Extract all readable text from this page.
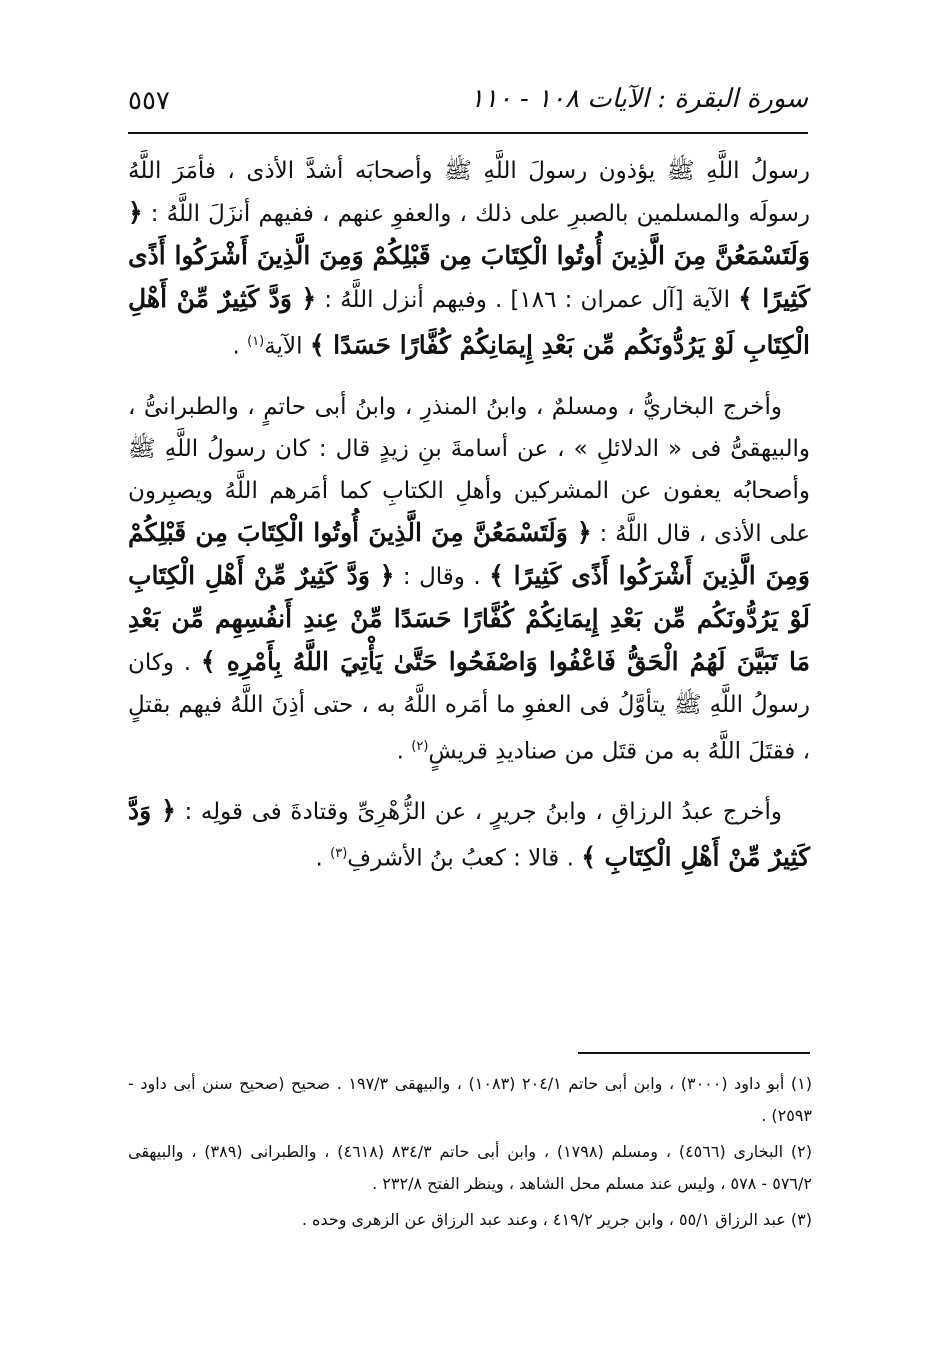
سورة البقرة : الآيات ١٠٨ - ١١٠
٥٥٧

رسولُ اللَّهِ ﷺ يؤذون رسولَ اللَّهِ ﷺ وأصحابَه أشدَّ الأذى ، فأمَرَ اللَّهُ رسولَه والمسلمين بالصبرِ على ذلك ، والعفوِ عنهم ، ففيهم أنزَلَ اللَّهُ : ﴿ وَلَتَسْمَعُنَّ مِنَ الَّذِينَ أُوتُوا الْكِتَابَ مِن قَبْلِكُمْ وَمِنَ الَّذِينَ أَشْرَكُوا أَذًى كَثِيرًا ﴾ الآية [آل عمران : ١٨٦] . وفيهم أنزل اللَّهُ : ﴿ وَدَّ كَثِيرٌ مِّنْ أَهْلِ الْكِتَابِ لَوْ يَرُدُّونَكُم مِّن بَعْدِ إِيمَانِكُمْ كُفَّارًا حَسَدًا ﴾ الآية$^{(١)}$ .

وأخرج البخاريُّ ، ومسلمٌ ، وابنُ المنذرِ ، وابنُ أبى حاتمٍ ، والطبرانىُّ ، والبيهقىُّ فى « الدلائلِ » ، عن أسامةَ بنِ زيدٍ قال : كان رسولُ اللَّهِ ﷺ وأصحابُه يعفون عن المشركين وأهلِ الكتابِ كما أمَرهم اللَّهُ ويصبِرون على الأذى ، قال اللَّهُ : ﴿ وَلَتَسْمَعُنَّ مِنَ الَّذِينَ أُوتُوا الْكِتَابَ مِن قَبْلِكُمْ وَمِنَ الَّذِينَ أَشْرَكُوا أَذًى كَثِيرًا ﴾ . وقال : ﴿ وَدَّ كَثِيرٌ مِّنْ أَهْلِ الْكِتَابِ لَوْ يَرُدُّونَكُم مِّن بَعْدِ إِيمَانِكُمْ كُفَّارًا حَسَدًا مِّنْ عِندِ أَنفُسِهِم مِّن بَعْدِ مَا تَبَيَّنَ لَهُمُ الْحَقُّ فَاعْفُوا وَاصْفَحُوا حَتَّىٰ يَأْتِيَ اللَّهُ بِأَمْرِهِ ﴾ . وكان رسولُ اللَّهِ ﷺ يتأوَّلُ فى العفوِ ما أمَره اللَّهُ به ، حتى أذِنَ اللَّهُ فيهم بقتلٍ ، فقتَلَ اللَّهُ به من قتَل من صناديدِ قريشٍ$^{(٢)}$ .

وأخرج عبدُ الرزاقِ ، وابنُ جريرٍ ، عن الزُّهْرِىِّ وقتادةَ فى قولِه : ﴿ وَدَّ كَثِيرٌ مِّنْ أَهْلِ الْكِتَابِ ﴾ . قالا : كعبُ بنُ الأشرفِ$^{(٣)}$ .

(١) أبو داود (٣٠٠٠) ، وابن أبى حاتم ٢٠٤/١ (١٠٨٣) ، والبيهقى ١٩٧/٣ . صحيح (صحيح سنن أبى داود - ٢٥٩٣) .

(٢) البخارى (٤٥٦٦) ، ومسلم (١٧٩٨) ، وابن أبى حاتم ٨٣٤/٣ (٤٦١٨) ، والطبرانى (٣٨٩) ، والبيهقى ٥٧٦/٢ - ٥٧٨ ، وليس عند مسلم محل الشاهد ، وينظر الفتح ٢٣٢/٨ .

(٣) عبد الرزاق ٥٥/١ ، وابن جرير ٤١٩/٢ ، وعند عبد الرزاق عن الزهرى وحده .
